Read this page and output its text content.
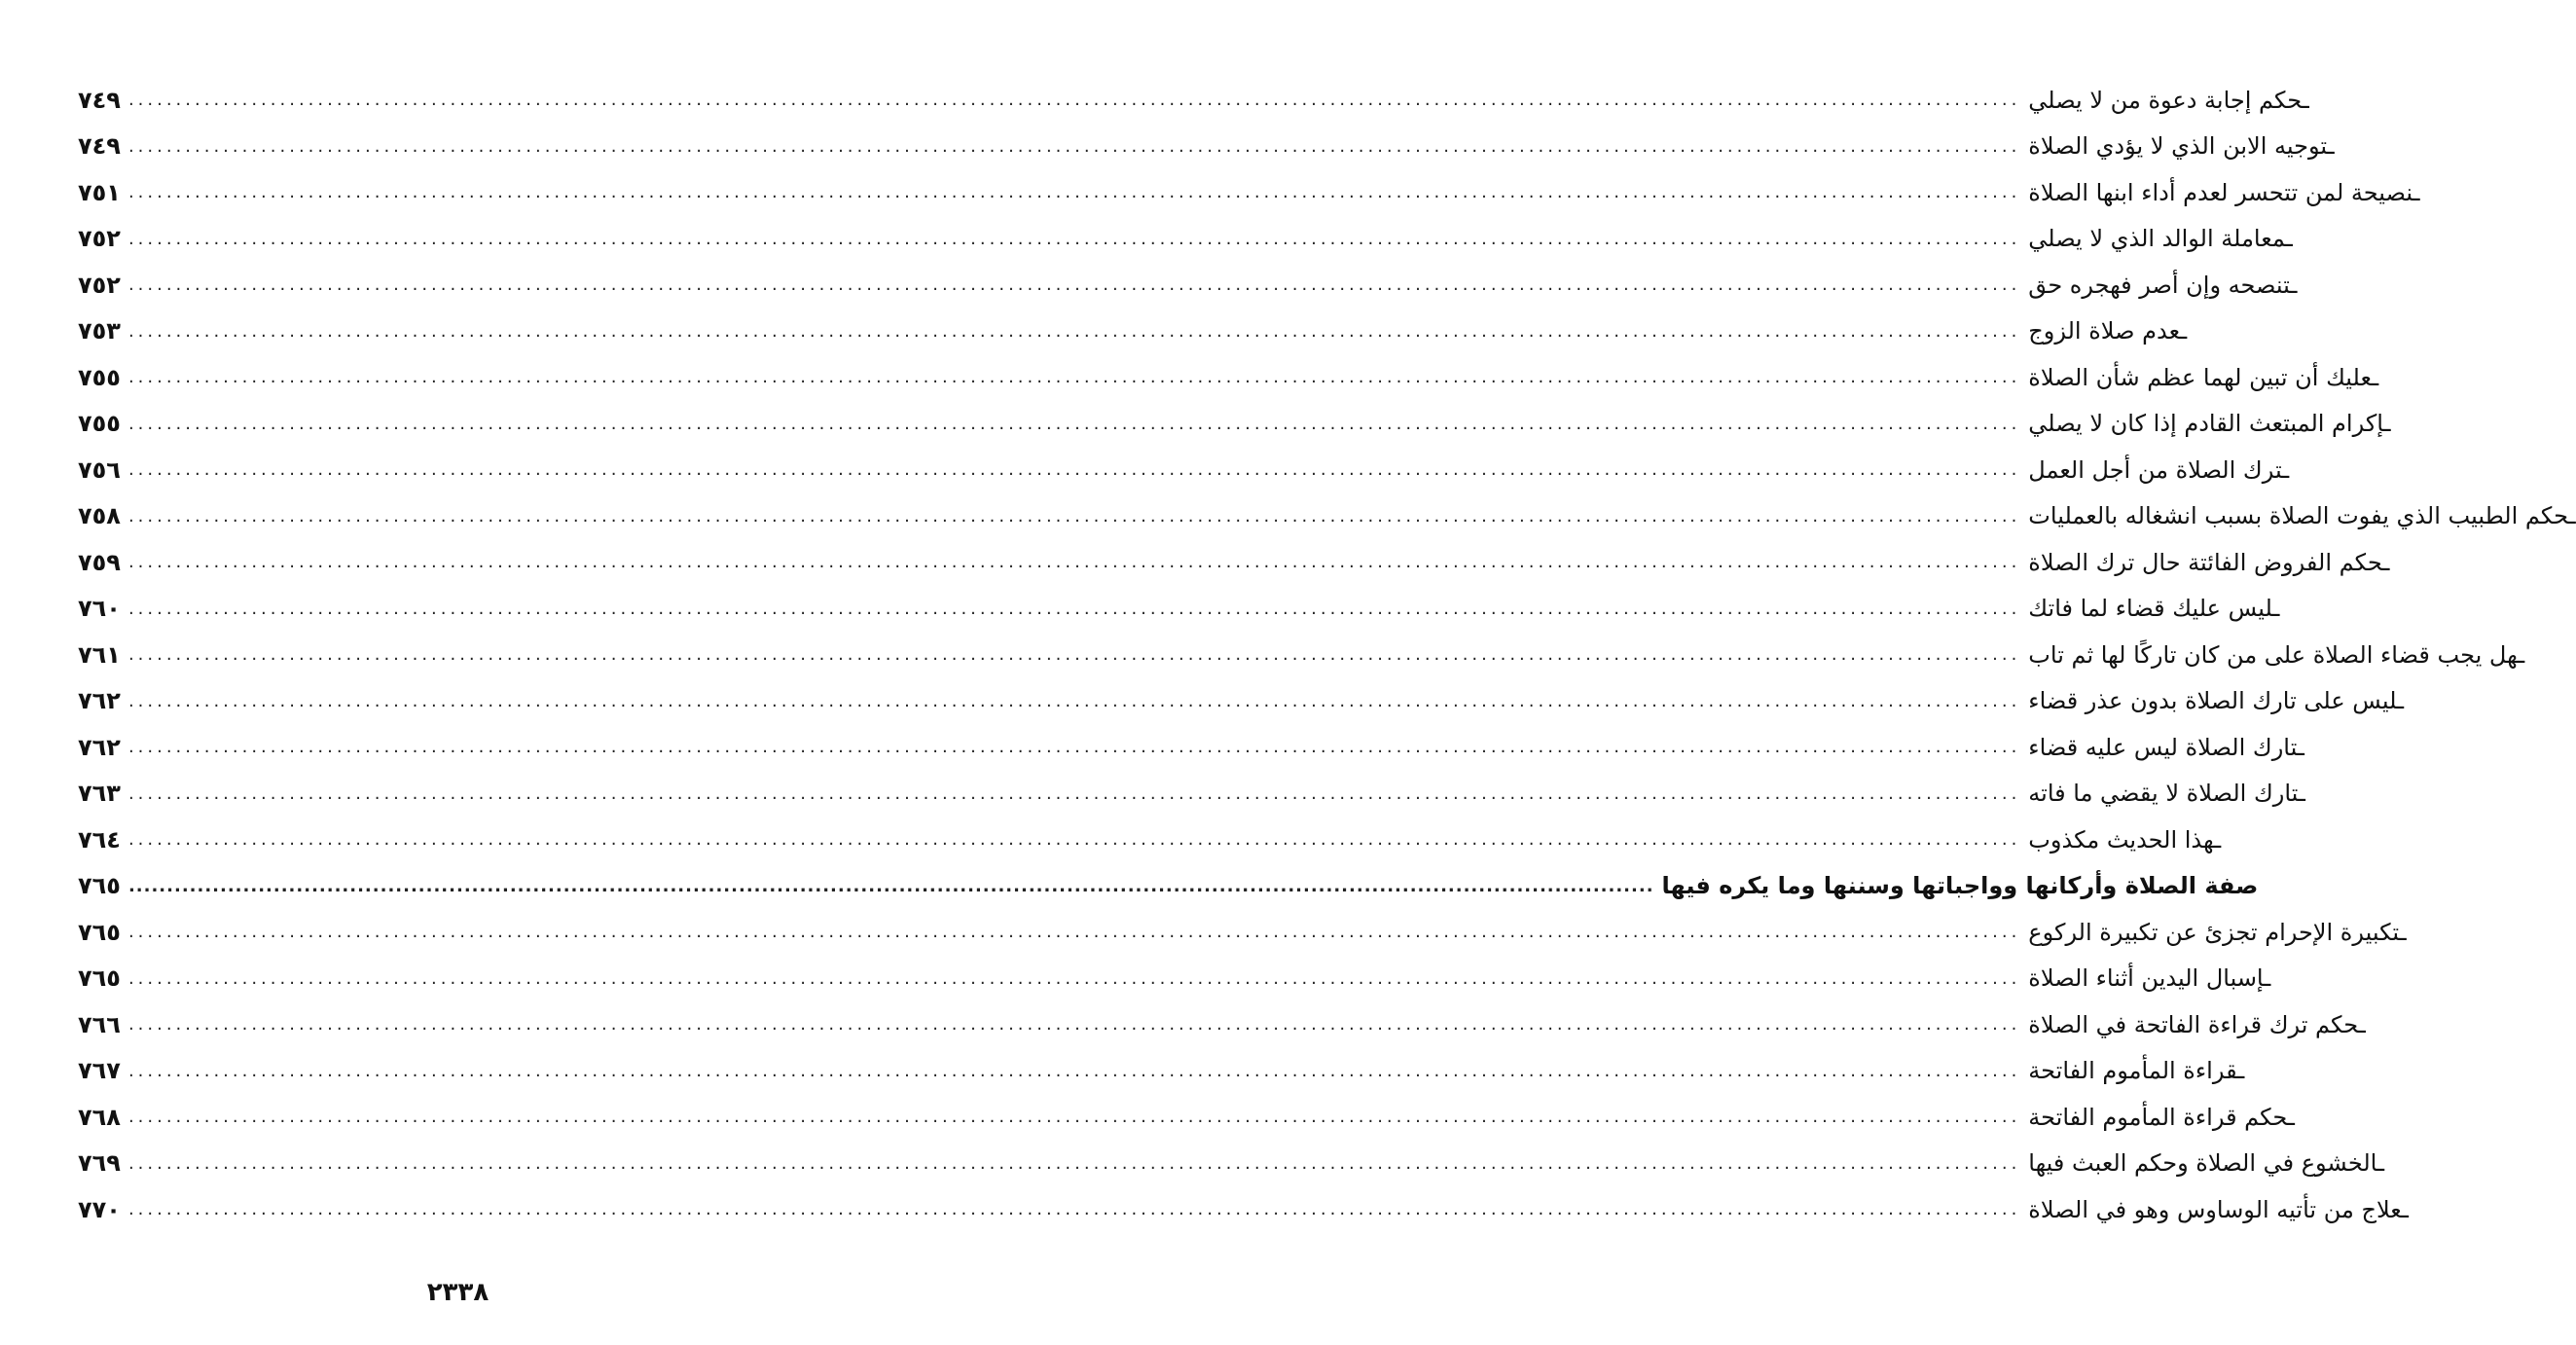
٧٤٩ ........................................................................................................................................................................................................ ـحكم إجابة دعوة من لا يصلي
٧٤٩ ........................................................................................................................................................................................................ ـتوجيه الابن الذي لا يؤدي الصلاة
٧٥١ ........................................................................................................................................................................................................ ـنصيحة لمن تتحسر لعدم أداء ابنها الصلاة
٧٥٢ ........................................................................................................................................................................................................ ـمعاملة الوالد الذي لا يصلي
٧٥٢ ........................................................................................................................................................................................................ ـتنصحه وإن أصر فهجره حق
٧٥٣ ........................................................................................................................................................................................................ ـعدم صلاة الزوج
٧٥٥ ........................................................................................................................................................................................................ ـعليك أن تبين لهما عظم شأن الصلاة
٧٥٥ ........................................................................................................................................................................................................ ـإكرام المبتعث القادم إذا كان لا يصلي
٧٥٦ ........................................................................................................................................................................................................ ـترك الصلاة من أجل العمل
٧٥٨ ........................................................................................................................................................................................................ ـحكم الطبيب الذي يفوت الصلاة بسبب انشغاله بالعمليات
٧٥٩ ........................................................................................................................................................................................................ ـحكم الفروض الفائتة حال ترك الصلاة
٧٦٠ ........................................................................................................................................................................................................ ـليس عليك قضاء لما فاتك
٧٦١ ........................................................................................................................................................................................................ ـهل يجب قضاء الصلاة على من كان تاركًا لها ثم تاب
٧٦٢ ........................................................................................................................................................................................................ ـليس على تارك الصلاة بدون عذر قضاء
٧٦٢ ........................................................................................................................................................................................................ ـتارك الصلاة ليس عليه قضاء
٧٦٣ ........................................................................................................................................................................................................ ـتارك الصلاة لا يقضي ما فاته
٧٦٤ ........................................................................................................................................................................................................ ـهذا الحديث مكذوب
٧٦٥ ........................................................................................................................................................................................................ صفة الصلاة وأركانها وواجباتها وسننها وما يكره فيها
٧٦٥ ........................................................................................................................................................................................................ ـتكبيرة الإحرام تجزئ عن تكبيرة الركوع
٧٦٥ ........................................................................................................................................................................................................ ـإسبال اليدين أثناء الصلاة
٧٦٦ ........................................................................................................................................................................................................ ـحكم ترك قراءة الفاتحة في الصلاة
٧٦٧ ........................................................................................................................................................................................................ ـقراءة المأموم الفاتحة
٧٦٨ ........................................................................................................................................................................................................ ـحكم قراءة المأموم الفاتحة
٧٦٩ ........................................................................................................................................................................................................ ـالخشوع في الصلاة وحكم العبث فيها
٧٧٠ ........................................................................................................................................................................................................ ـعلاج من تأتيه الوساوس وهو في الصلاة
٢٣٣٨
